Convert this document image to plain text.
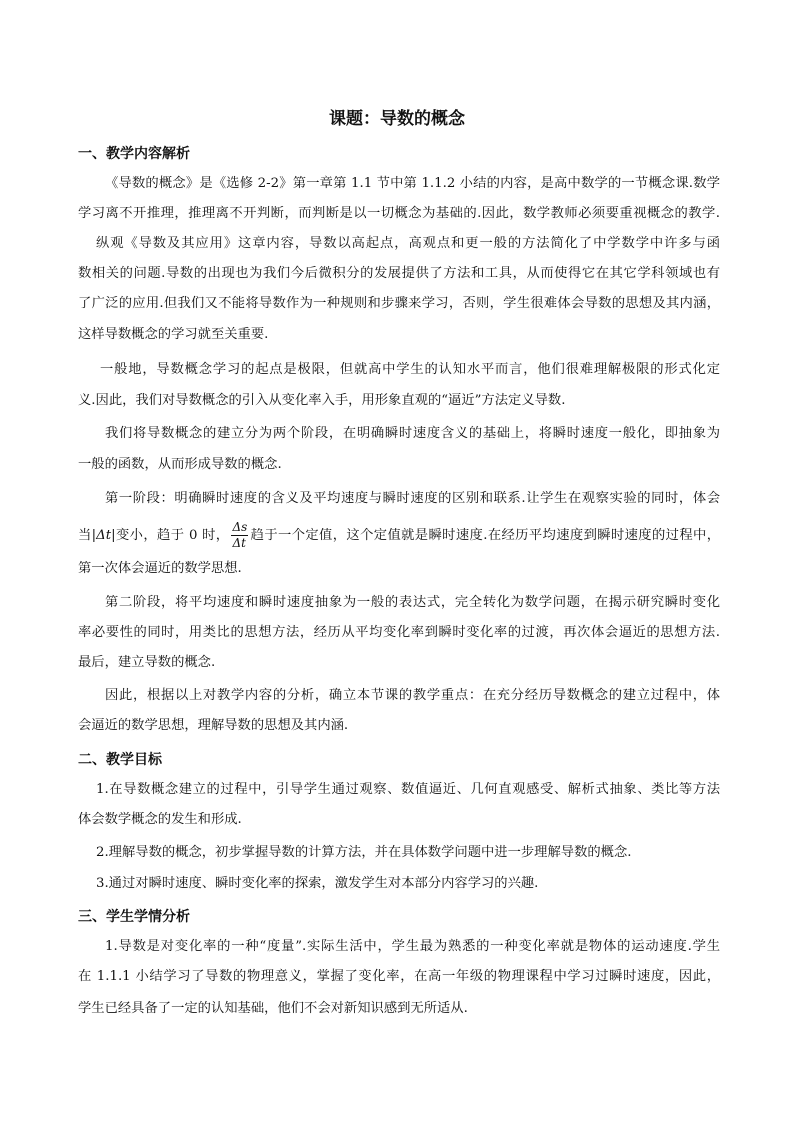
课题：导数的概念
一、教学内容解析
《导数的概念》是《选修 2-2》第一章第 1.1 节中第 1.1.2 小结的内容，是高中数学的一节概念课.数学
学习离不开推理，推理离不开判断，而判断是以一切概念为基础的.因此，数学教师必须要重视概念的教学.
纵观《导数及其应用》这章内容，导数以高起点，高观点和更一般的方法简化了中学数学中许多与函
数相关的问题.导数的出现也为我们今后微积分的发展提供了方法和工具，从而使得它在其它学科领域也有
了广泛的应用.但我们又不能将导数作为一种规则和步骤来学习，否则，学生很难体会导数的思想及其内涵，
这样导数概念的学习就至关重要.
一般地，导数概念学习的起点是极限，但就高中学生的认知水平而言，他们很难理解极限的形式化定
义.因此，我们对导数概念的引入从变化率入手，用形象直观的“逼近”方法定义导数.
我们将导数概念的建立分为两个阶段，在明确瞬时速度含义的基础上，将瞬时速度一般化，即抽象为
一般的函数，从而形成导数的概念.
第一阶段：明确瞬时速度的含义及平均速度与瞬时速度的区别和联系.让学生在观察实验的同时，体会
当|Δt|变小，趋于 0 时， $\frac{\Delta s}{\Delta t}$ 趋于一个定值，这个定值就是瞬时速度.在经历平均速度到瞬时速度的过程中，
第一次体会逼近的数学思想.
第二阶段，将平均速度和瞬时速度抽象为一般的表达式，完全转化为数学问题，在揭示研究瞬时变化
率必要性的同时，用类比的思想方法，经历从平均变化率到瞬时变化率的过渡，再次体会逼近的思想方法.
最后，建立导数的概念.
因此，根据以上对教学内容的分析，确立本节课的教学重点：在充分经历导数概念的建立过程中，体
会逼近的数学思想，理解导数的思想及其内涵.
二、教学目标
1.在导数概念建立的过程中，引导学生通过观察、数值逼近、几何直观感受、解析式抽象、类比等方法
体会数学概念的发生和形成.
2.理解导数的概念，初步掌握导数的计算方法，并在具体数学问题中进一步理解导数的概念.
3.通过对瞬时速度、瞬时变化率的探索，激发学生对本部分内容学习的兴趣.
三、学生学情分析
1.导数是对变化率的一种“度量”.实际生活中，学生最为熟悉的一种变化率就是物体的运动速度.学生
在 1.1.1 小结学习了导数的物理意义，掌握了变化率，在高一年级的物理课程中学习过瞬时速度，因此，
学生已经具备了一定的认知基础，他们不会对新知识感到无所适从.
